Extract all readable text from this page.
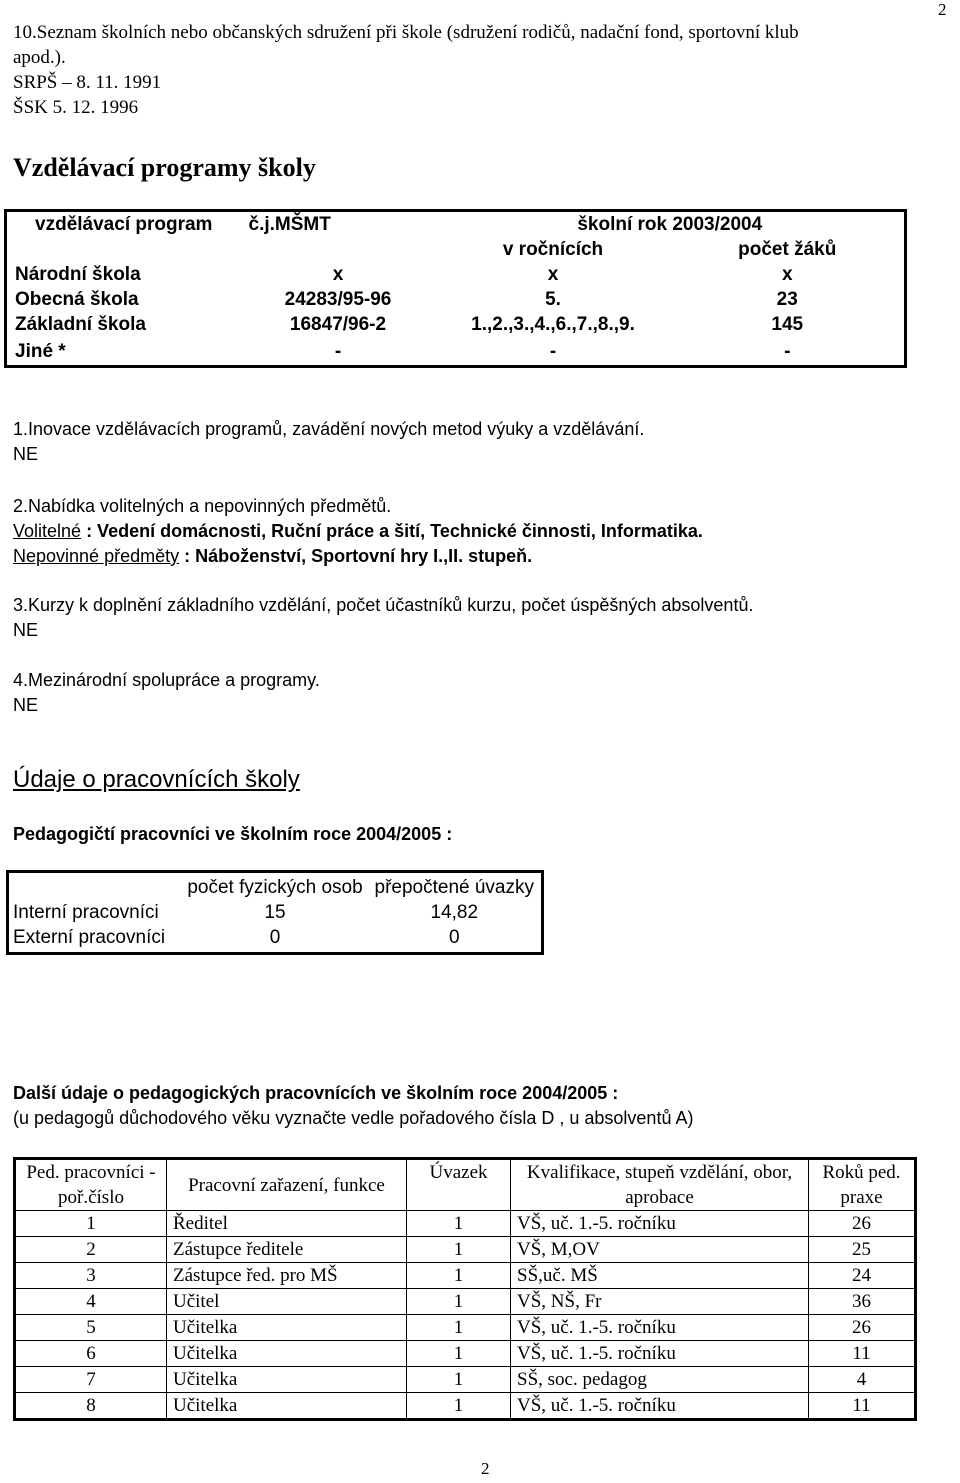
2
10.Seznam školních nebo občanských sdružení při škole (sdružení rodičů, nadační fond, sportovní klub
apod.).
SRPŠ – 8. 11. 1991
ŠSK 5. 12. 1996
Vzdělávací programy školy
vzdělávací program	č.j.MŠMT	školní rok 2003/2004	
		v ročnících	počet žáků
Národní škola	x	x	x
Obecná škola	24283/95-96	5.	23
Základní škola	16847/96-2	1.,2.,3.,4.,6.,7.,8.,9.	145
Jiné *	-	-	-
1.Inovace vzdělávacích programů, zavádění nových metod výuky a vzdělávání.
NE
2.Nabídka volitelných a nepovinných předmětů.
Volitelné : Vedení domácnosti, Ruční práce a šití, Technické činnosti, Informatika.
Nepovinné předměty : Náboženství, Sportovní hry I.,II. stupeň.
3.Kurzy k doplnění základního vzdělání, počet účastníků kurzu, počet úspěšných absolventů.
NE
4.Mezinárodní spolupráce a programy.
NE
Údaje o pracovnících školy
Pedagogičtí pracovníci ve školním roce 2004/2005 :
	počet fyzických osob	přepočtené úvazky
Interní pracovníci	15	14,82
Externí pracovníci	0	0
Další údaje o pedagogických pracovnících ve školním roce 2004/2005 :
(u pedagogů důchodového věku vyznačte vedle pořadového čísla D , u absolventů A)
Ped. pracovníci - poř.číslo	Pracovní zařazení, funkce	Úvazek	Kvalifikace, stupeň vzdělání, obor, aprobace	Roků ped. praxe
1	Ředitel	1	VŠ, uč. 1.-5. ročníku	26
2	Zástupce ředitele	1	VŠ, M,OV	25
3	Zástupce řed. pro MŠ	1	SŠ,uč. MŠ	24
4	Učitel	1	VŠ, NŠ, Fr	36
5	Učitelka	1	VŠ, uč. 1.-5. ročníku	26
6	Učitelka	1	VŠ, uč. 1.-5. ročníku	11
7	Učitelka	1	SŠ, soc. pedagog	4
8	Učitelka	1	VŠ, uč. 1.-5. ročníku	11
2
